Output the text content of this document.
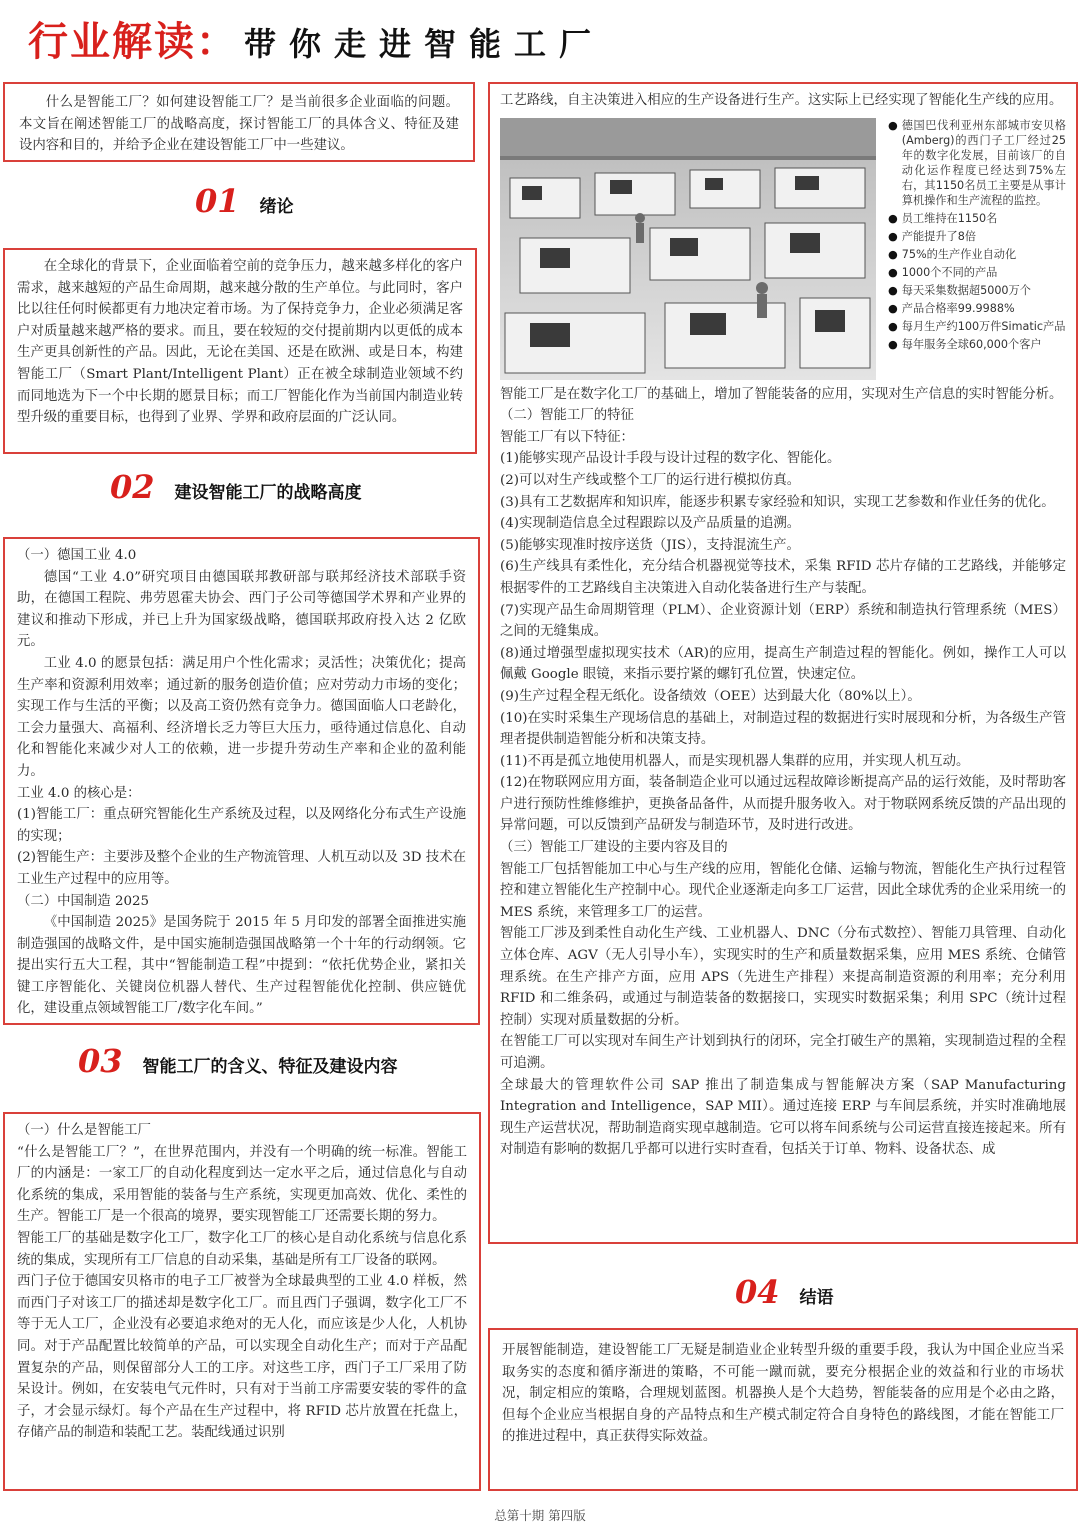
行业解读： 带你走进智能工厂

什么是智能工厂？如何建设智能工厂？是当前很多企业面临的问题。本文旨在阐述智能工厂的战略高度，探讨智能工厂的具体含义、特征及建设内容和目的，并给予企业在建设智能工厂中一些建议。

01 绪论

在全球化的背景下，企业面临着空前的竞争压力，越来越多样化的客户需求，越来越短的产品生命周期，越来越分散的生产单位。与此同时，客户比以往任何时候都更有力地决定着市场。为了保持竞争力，企业必须满足客户对质量越来越严格的要求。而且，要在较短的交付提前期内以更低的成本生产更具创新性的产品。因此，无论在美国、还是在欧洲、或是日本，构建智能工厂（Smart Plant/Intelligent Plant）正在被全球制造业领域不约而同地选为下一个中长期的愿景目标；而工厂智能化作为当前国内制造业转型升级的重要目标，也得到了业界、学界和政府层面的广泛认同。

02 建设智能工厂的战略高度

（一）德国工业 4.0

德国“工业 4.0”研究项目由德国联邦教研部与联邦经济技术部联手资助，在德国工程院、弗劳恩霍夫协会、西门子公司等德国学术界和产业界的建议和推动下形成，并已上升为国家级战略，德国联邦政府投入达 2 亿欧元。

工业 4.0 的愿景包括：满足用户个性化需求；灵活性；决策优化；提高生产率和资源利用效率；通过新的服务创造价值；应对劳动力市场的变化；实现工作与生活的平衡；以及高工资仍然有竞争力。德国面临人口老龄化，工会力量强大、高福利、经济增长乏力等巨大压力，亟待通过信息化、自动化和智能化来减少对人工的依赖，进一步提升劳动生产率和企业的盈利能力。

工业 4.0 的核心是：

(1)智能工厂：重点研究智能化生产系统及过程，以及网络化分布式生产设施的实现；

(2)智能生产：主要涉及整个企业的生产物流管理、人机互动以及 3D 技术在工业生产过程中的应用等。

（二）中国制造 2025

《中国制造 2025》是国务院于 2015 年 5 月印发的部署全面推进实施制造强国的战略文件，是中国实施制造强国战略第一个十年的行动纲领。它提出实行五大工程，其中“智能制造工程”中提到：“依托优势企业，紧扣关键工序智能化、关键岗位机器人替代、生产过程智能优化控制、供应链优化，建设重点领域智能工厂/数字化车间。”

03 智能工厂的含义、特征及建设内容

（一）什么是智能工厂

“什么是智能工厂？”，在世界范围内，并没有一个明确的统一标准。智能工厂的内涵是：一家工厂的自动化程度到达一定水平之后，通过信息化与自动化系统的集成，采用智能的装备与生产系统，实现更加高效、优化、柔性的生产。智能工厂是一个很高的境界，要实现智能工厂还需要长期的努力。

智能工厂的基础是数字化工厂，数字化工厂的核心是自动化系统与信息化系统的集成，实现所有工厂信息的自动采集，基础是所有工厂设备的联网。

西门子位于德国安贝格市的电子工厂被誉为全球最典型的工业 4.0 样板，然而西门子对该工厂的描述却是数字化工厂。而且西门子强调，数字化工厂不等于无人工厂，企业没有必要追求绝对的无人化，而应该是少人化，人机协同。对于产品配置比较简单的产品，可以实现全自动化生产；而对于产品配置复杂的产品，则保留部分人工的工序。对这些工序，西门子工厂采用了防呆设计。例如，在安装电气元件时，只有对于当前工序需要安装的零件的盒子，才会显示绿灯。每个产品在生产过程中，将 RFID 芯片放置在托盘上，存储产品的制造和装配工艺。装配线通过识别

工艺路线，自主决策进入相应的生产设备进行生产。这实际上已经实现了智能化生产线的应用。

● 德国巴伐利亚州东部城市安贝格(Amberg)的西门子工厂经过25年的数字化发展，目前该厂的自动化运作程度已经达到75%左右，其1150名员工主要是从事计算机操作和生产流程的监控。
● 员工维持在1150名
● 产能提升了8倍
● 75%的生产作业自动化
● 1000个不同的产品
● 每天采集数据超5000万个
● 产品合格率99.9988%
● 每月生产约100万件Simatic产品
● 每年服务全球60,000个客户

智能工厂是在数字化工厂的基础上，增加了智能装备的应用，实现对生产信息的实时智能分析。

（二）智能工厂的特征

智能工厂有以下特征：

(1)能够实现产品设计手段与设计过程的数字化、智能化。

(2)可以对生产线或整个工厂的运行进行模拟仿真。

(3)具有工艺数据库和知识库，能逐步积累专家经验和知识，实现工艺参数和作业任务的优化。

(4)实现制造信息全过程跟踪以及产品质量的追溯。

(5)能够实现准时按序送货（JIS），支持混流生产。

(6)生产线具有柔性化，充分结合机器视觉等技术，采集 RFID 芯片存储的工艺路线，并能够定根据零件的工艺路线自主决策进入自动化装备进行生产与装配。

(7)实现产品生命周期管理（PLM）、企业资源计划（ERP）系统和制造执行管理系统（MES）之间的无缝集成。

(8)通过增强型虚拟现实技术（AR)的应用，提高生产制造过程的智能化。例如，操作工人可以佩戴 Google 眼镜，来指示要拧紧的螺钉孔位置，快速定位。

(9)生产过程全程无纸化。设备绩效（OEE）达到最大化（80%以上）。

(10)在实时采集生产现场信息的基础上，对制造过程的数据进行实时展现和分析，为各级生产管理者提供制造智能分析和决策支持。

(11)不再是孤立地使用机器人，而是实现机器人集群的应用，并实现人机互动。

(12)在物联网应用方面，装备制造企业可以通过远程故障诊断提高产品的运行效能，及时帮助客户进行预防性维修维护，更换备品备件，从而提升服务收入。对于物联网系统反馈的产品出现的异常问题，可以反馈到产品研发与制造环节，及时进行改进。

（三）智能工厂建设的主要内容及目的

智能工厂包括智能加工中心与生产线的应用，智能化仓储、运输与物流，智能化生产执行过程管控和建立智能化生产控制中心。现代企业逐渐走向多工厂运营，因此全球优秀的企业采用统一的 MES 系统，来管理多工厂的运营。

智能工厂涉及到柔性自动化生产线、工业机器人、DNC（分布式数控）、智能刀具管理、自动化立体仓库、AGV（无人引导小车），实现实时的生产和质量数据采集，应用 MES 系统、仓储管理系统。在生产排产方面，应用 APS（先进生产排程）来提高制造资源的利用率；充分利用 RFID 和二维条码，或通过与制造装备的数据接口，实现实时数据采集；利用 SPC（统计过程控制）实现对质量数据的分析。

在智能工厂可以实现对车间生产计划到执行的闭环，完全打破生产的黑箱，实现制造过程的全程可追溯。

全球最大的管理软件公司 SAP 推出了制造集成与智能解决方案（SAP Manufacturing Integration and Intelligence，SAP MII）。通过连接 ERP 与车间层系统，并实时准确地展现生产运营状况，帮助制造商实现卓越制造。它可以将车间系统与公司运营直接连接起来。所有对制造有影响的数据几乎都可以进行实时查看，包括关于订单、物料、设备状态、成

04 结语

开展智能制造，建设智能工厂无疑是制造业企业转型升级的重要手段，我认为中国企业应当采取务实的态度和循序渐进的策略，不可能一蹴而就，要充分根据企业的效益和行业的市场状况，制定相应的策略，合理规划蓝图。机器换人是个大趋势，智能装备的应用是个必由之路，但每个企业应当根据自身的产品特点和生产模式制定符合自身特色的路线图，才能在智能工厂的推进过程中，真正获得实际效益。

总第十期 第四版
